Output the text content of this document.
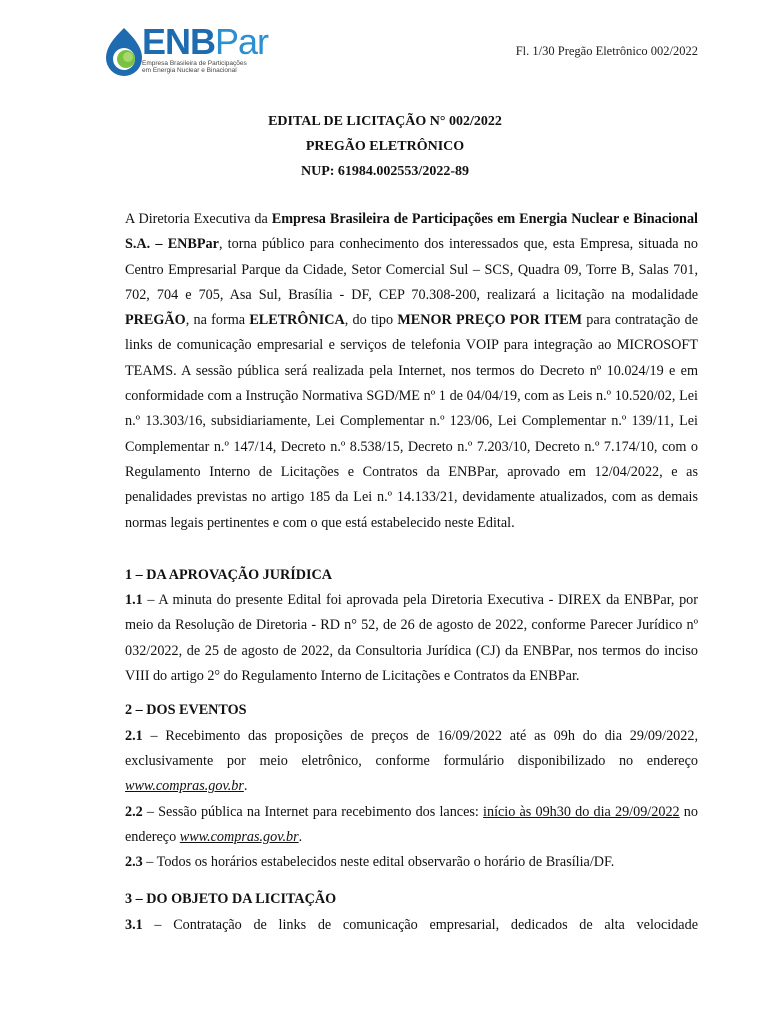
ENBPar
Empresa Brasileira de Participações
em Energia Nuclear e Binacional
Fl. 1/30 Pregão Eletrônico 002/2022
EDITAL DE LICITAÇÃO N° 002/2022
PREGÃO ELETRÔNICO
NUP: 61984.002553/2022-89

A Diretoria Executiva da Empresa Brasileira de Participações em Energia Nuclear e Binacional S.A. – ENBPar, torna público para conhecimento dos interessados que, esta Empresa, situada no Centro Empresarial Parque da Cidade, Setor Comercial Sul – SCS, Quadra 09, Torre B, Salas 701, 702, 704 e 705, Asa Sul, Brasília - DF, CEP 70.308-200, realizará a licitação na modalidade PREGÃO, na forma ELETRÔNICA, do tipo MENOR PREÇO POR ITEM para contratação de links de comunicação empresarial e serviços de telefonia VOIP para integração ao MICROSOFT TEAMS. A sessão pública será realizada pela Internet, nos termos do Decreto nº 10.024/19 e em conformidade com a Instrução Normativa SGD/ME nº 1 de 04/04/19, com as Leis n.º 10.520/02, Lei n.º 13.303/16, subsidiariamente, Lei Complementar n.º 123/06, Lei Complementar n.º 139/11, Lei Complementar n.º 147/14, Decreto n.º 8.538/15, Decreto n.º 7.203/10, Decreto n.º 7.174/10, com o Regulamento Interno de Licitações e Contratos da ENBPar, aprovado em 12/04/2022, e as penalidades previstas no artigo 185 da Lei n.º 14.133/21, devidamente atualizados, com as demais normas legais pertinentes e com o que está estabelecido neste Edital.

1 – DA APROVAÇÃO JURÍDICA

1.1 – A minuta do presente Edital foi aprovada pela Diretoria Executiva - DIREX da ENBPar, por meio da Resolução de Diretoria - RD n° 52, de 26 de agosto de 2022, conforme Parecer Jurídico nº 032/2022, de 25 de agosto de 2022, da Consultoria Jurídica (CJ) da ENBPar, nos termos do inciso VIII do artigo 2° do Regulamento Interno de Licitações e Contratos da ENBPar.

2 – DOS EVENTOS

2.1 – Recebimento das proposições de preços de 16/09/2022 até as 09h do dia 29/09/2022, exclusivamente por meio eletrônico, conforme formulário disponibilizado no endereço www.compras.gov.br.

2.2 – Sessão pública na Internet para recebimento dos lances: início às 09h30 do dia 29/09/2022 no endereço www.compras.gov.br.

2.3 – Todos os horários estabelecidos neste edital observarão o horário de Brasília/DF.

3 – DO OBJETO DA LICITAÇÃO

3.1 – Contratação de links de comunicação empresarial, dedicados de alta velocidade
